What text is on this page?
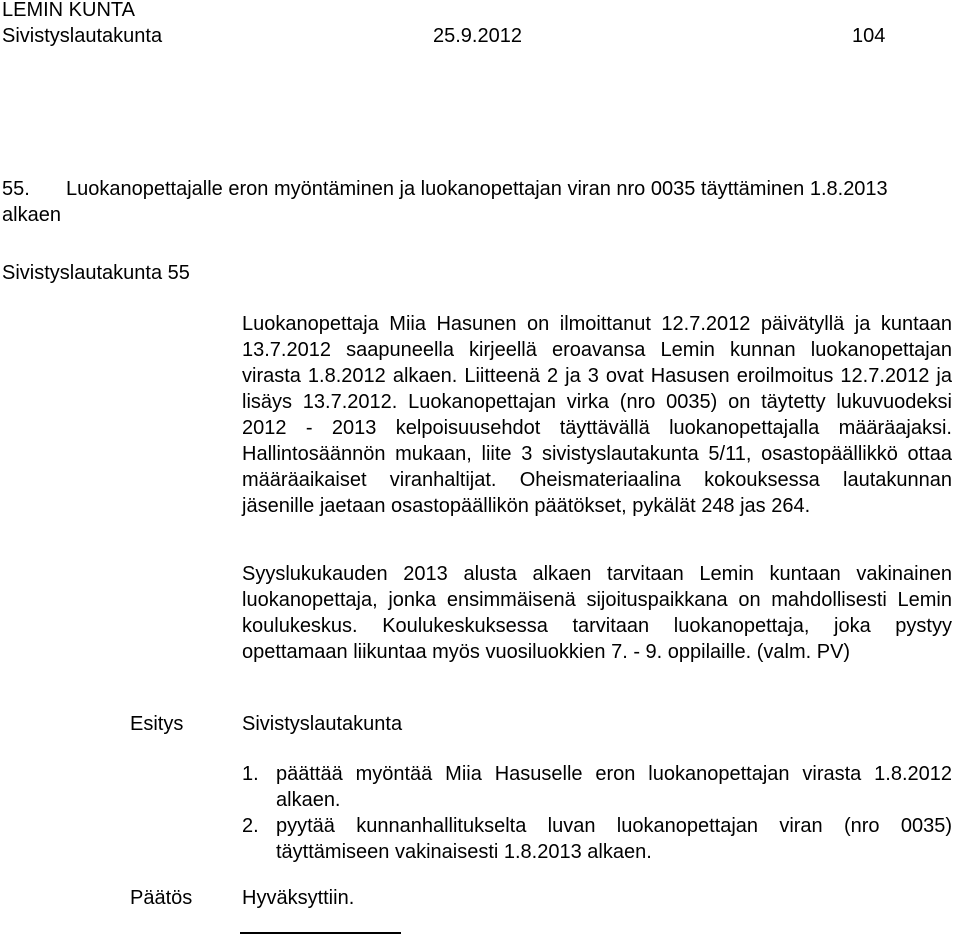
LEMIN KUNTA
Sivistyslautakunta	25.9.2012	104
55. Luokanopettajalle eron myöntäminen ja luokanopettajan viran nro 0035 täyttäminen 1.8.2013 alkaen
Sivistyslautakunta 55
Luokanopettaja Miia Hasunen on ilmoittanut 12.7.2012 päivätyllä ja kuntaan 13.7.2012 saapuneella kirjeellä eroavansa Lemin kunnan luokanopettajan virasta 1.8.2012 alkaen. Liitteenä 2 ja 3 ovat Hasusen eroilmoitus 12.7.2012 ja lisäys 13.7.2012. Luokanopettajan virka (nro 0035) on täytetty lukuvuodeksi 2012 - 2013 kelpoisuusehdot täyttävällä luokanopettajalla määräajaksi. Hallintosäännön mukaan, liite 3 sivistyslautakunta 5/11, osastopäällikkö ottaa määräaikaiset viranhaltijat. Oheismateriaalina kokouksessa lautakunnan jäsenille jaetaan osastopäällikön päätökset, pykälät 248 jas 264.
Syyslukukauden 2013 alusta alkaen tarvitaan Lemin kuntaan vakinainen luokanopettaja, jonka ensimmäisenä sijoituspaikkana on mahdollisesti Lemin koulukeskus. Koulukeskuksessa tarvitaan luokanopettaja, joka pystyy opettamaan liikuntaa myös vuosiluokkien 7. - 9. oppilaille. (valm. PV)
Esitys	Sivistyslautakunta
1. päättää myöntää Miia Hasuselle eron luokanopettajan virasta 1.8.2012 alkaen.
2. pyytää kunnanhallitukselta luvan luokanopettajan viran (nro 0035) täyttämiseen vakinaisesti 1.8.2013 alkaen.
Päätös Hyväksyttiin.
